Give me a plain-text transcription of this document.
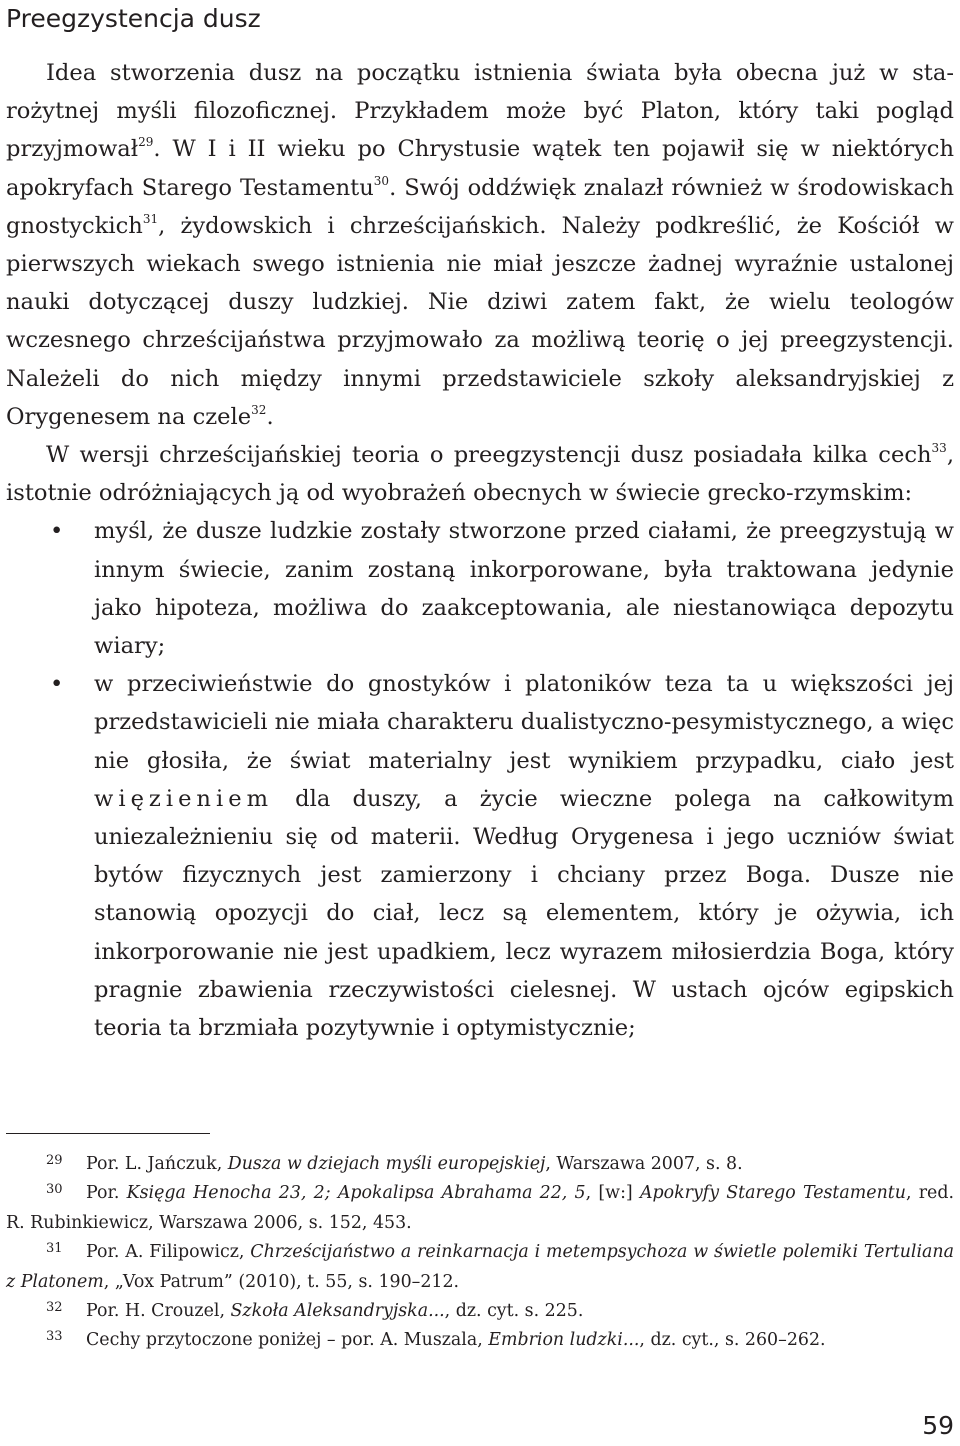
Preegzystencja dusz

Idea stworzenia dusz na początku istnienia świata była obecna już w starożytnej myśli filozoficznej. Przykładem może być Platon, który taki pogląd przyjmował$^{29}$. W I i II wieku po Chrystusie wątek ten pojawił się w niektórych apokryfach Starego Testamentu$^{30}$. Swój oddźwięk znalazł również w środowiskach gnostyckich$^{31}$, żydowskich i chrześcijańskich. Należy podkreślić, że Kościół w pierwszych wiekach swego istnienia nie miał jeszcze żadnej wyraźnie ustalonej nauki dotyczącej duszy ludzkiej. Nie dziwi zatem fakt, że wielu teologów wczesnego chrześcijaństwa przyjmowało za możliwą teorię o jej preegzystencji. Należeli do nich między innymi przedstawiciele szkoły aleksandryjskiej z Orygenesem na czele$^{32}$.

W wersji chrześcijańskiej teoria o preegzystencji dusz posiadała kilka cech$^{33}$, istotnie odróżniających ją od wyobrażeń obecnych w świecie grecko-rzymskim:

• myśl, że dusze ludzkie zostały stworzone przed ciałami, że preegzystują w innym świecie, zanim zostaną inkorporowane, była traktowana jedynie jako hipoteza, możliwa do zaakceptowania, ale niestanowiąca depozytu wiary;
• w przeciwieństwie do gnostyków i platoników teza ta u większości jej przedstawicieli nie miała charakteru dualistyczno-pesymistycznego, a więc nie głosiła, że świat materialny jest wynikiem przypadku, ciało jest więzieniem dla duszy, a życie wieczne polega na całkowitym uniezależnieniu się od materii. Według Orygenesa i jego uczniów świat bytów fizycznych jest zamierzony i chciany przez Boga. Dusze nie stanowią opozycji do ciał, lecz są elementem, który je ożywia, ich inkorporowanie nie jest upadkiem, lecz wyrazem miłosierdzia Boga, który pragnie zbawienia rzeczywistości cielesnej. W ustach ojców egipskich teoria ta brzmiała pozytywnie i optymistycznie;

29 Por. L. Jańczuk, Dusza w dziejach myśli europejskiej, Warszawa 2007, s. 8.

30 Por. Księga Henocha 23, 2; Apokalipsa Abrahama 22, 5, [w:] Apokryfy Starego Testamentu, red. R. Rubinkiewicz, Warszawa 2006, s. 152, 453.

31 Por. A. Filipowicz, Chrześcijaństwo a reinkarnacja i metempsychoza w świetle polemiki Tertuliana z Platonem, „Vox Patrum” (2010), t. 55, s. 190–212.

32 Por. H. Crouzel, Szkoła Aleksandryjska..., dz. cyt. s. 225.

33 Cechy przytoczone poniżej – por. A. Muszala, Embrion ludzki..., dz. cyt., s. 260–262.

59
